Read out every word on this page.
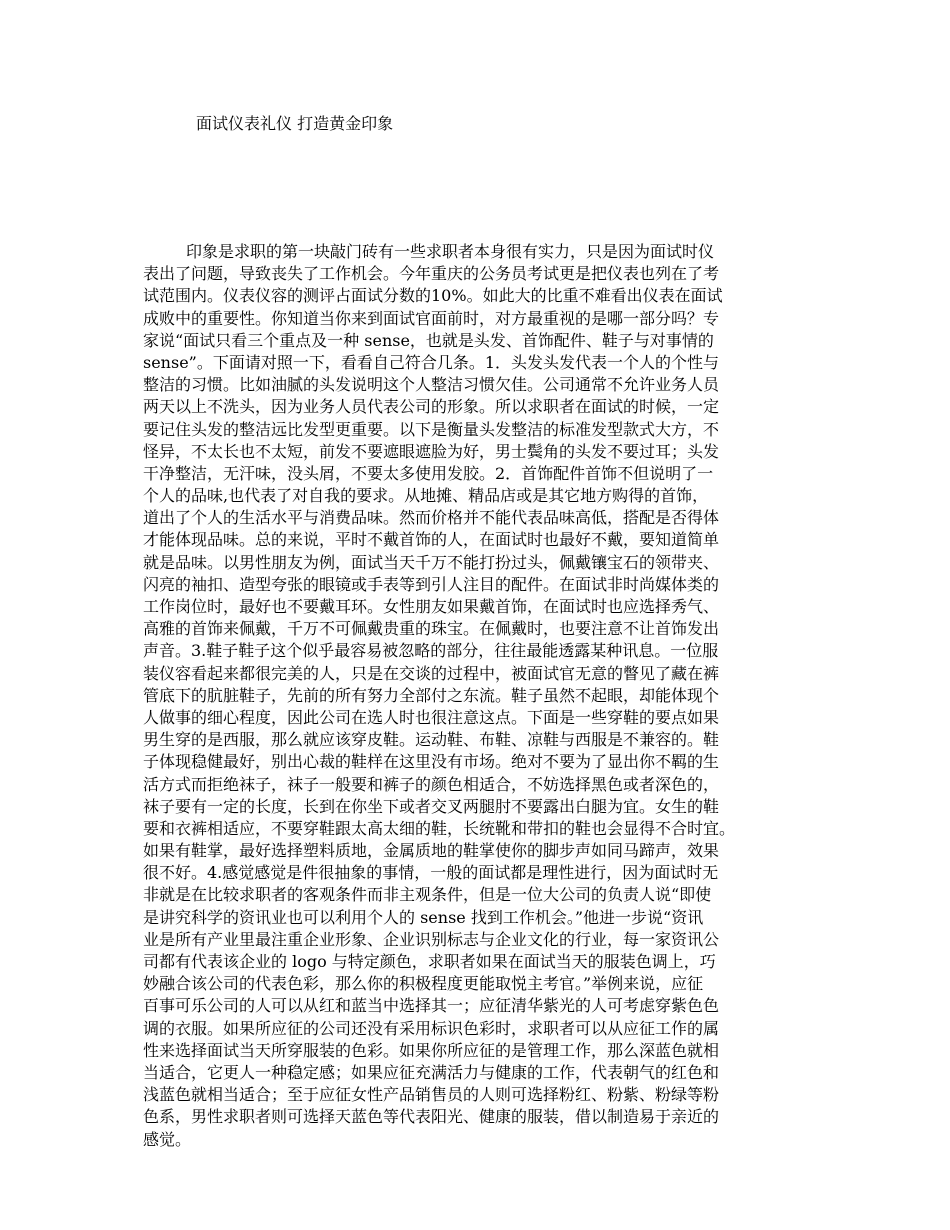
面试仪表礼仪 打造黄金印象
印象是求职的第一块敲门砖有一些求职者本身很有实力，只是因为面试时仪
表出了问题，导致丧失了工作机会。今年重庆的公务员考试更是把仪表也列在了考
试范围内。仪表仪容的测评占面试分数的10%。如此大的比重不难看出仪表在面试
成败中的重要性。你知道当你来到面试官面前时，对方最重视的是哪一部分吗？专
家说“面试只看三个重点及一种 sense，也就是头发、首饰配件、鞋子与对事情的
sense”。下面请对照一下，看看自己符合几条。1．头发头发代表一个人的个性与
整洁的习惯。比如油腻的头发说明这个人整洁习惯欠佳。公司通常不允许业务人员
两天以上不洗头，因为业务人员代表公司的形象。所以求职者在面试的时候，一定
要记住头发的整洁远比发型更重要。以下是衡量头发整洁的标准发型款式大方，不
怪异，不太长也不太短，前发不要遮眼遮脸为好，男士鬓角的头发不要过耳；头发
干净整洁，无汗味，没头屑，不要太多使用发胶。2．首饰配件首饰不但说明了一
个人的品味,也代表了对自我的要求。从地摊、精品店或是其它地方购得的首饰，
道出了个人的生活水平与消费品味。然而价格并不能代表品味高低，搭配是否得体
才能体现品味。总的来说，平时不戴首饰的人，在面试时也最好不戴，要知道简单
就是品味。以男性朋友为例，面试当天千万不能打扮过头，佩戴镶宝石的领带夹、
闪亮的袖扣、造型夸张的眼镜或手表等到引人注目的配件。在面试非时尚媒体类的
工作岗位时，最好也不要戴耳环。女性朋友如果戴首饰，在面试时也应选择秀气、
高雅的首饰来佩戴，千万不可佩戴贵重的珠宝。在佩戴时，也要注意不让首饰发出
声音。3.鞋子鞋子这个似乎最容易被忽略的部分，往往最能透露某种讯息。一位服
装仪容看起来都很完美的人，只是在交谈的过程中，被面试官无意的瞥见了藏在裤
管底下的肮脏鞋子，先前的所有努力全部付之东流。鞋子虽然不起眼，却能体现个
人做事的细心程度，因此公司在选人时也很注意这点。下面是一些穿鞋的要点如果
男生穿的是西服，那么就应该穿皮鞋。运动鞋、布鞋、凉鞋与西服是不兼容的。鞋
子体现稳健最好，别出心裁的鞋样在这里没有市场。绝对不要为了显出你不羁的生
活方式而拒绝袜子，袜子一般要和裤子的颜色相适合，不妨选择黑色或者深色的，
袜子要有一定的长度，长到在你坐下或者交叉两腿肘不要露出白腿为宜。女生的鞋
要和衣裤相适应，不要穿鞋跟太高太细的鞋，长统靴和带扣的鞋也会显得不合时宜。
如果有鞋掌，最好选择塑料质地，金属质地的鞋掌使你的脚步声如同马蹄声，效果
很不好。4.感觉感觉是件很抽象的事情，一般的面试都是理性进行，因为面试时无
非就是在比较求职者的客观条件而非主观条件，但是一位大公司的负责人说“即使
是讲究科学的资讯业也可以利用个人的 sense 找到工作机会。”他进一步说“资讯
业是所有产业里最注重企业形象、企业识别标志与企业文化的行业，每一家资讯公
司都有代表该企业的 logo 与特定颜色，求职者如果在面试当天的服装色调上，巧
妙融合该公司的代表色彩，那么你的积极程度更能取悦主考官。”举例来说，应征
百事可乐公司的人可以从红和蓝当中选择其一；应征清华紫光的人可考虑穿紫色色
调的衣服。如果所应征的公司还没有采用标识色彩时，求职者可以从应征工作的属
性来选择面试当天所穿服装的色彩。如果你所应征的是管理工作，那么深蓝色就相
当适合，它更人一种稳定感；如果应征充满活力与健康的工作，代表朝气的红色和
浅蓝色就相当适合；至于应征女性产品销售员的人则可选择粉红、粉紫、粉绿等粉
色系，男性求职者则可选择天蓝色等代表阳光、健康的服装，借以制造易于亲近的
感觉。
